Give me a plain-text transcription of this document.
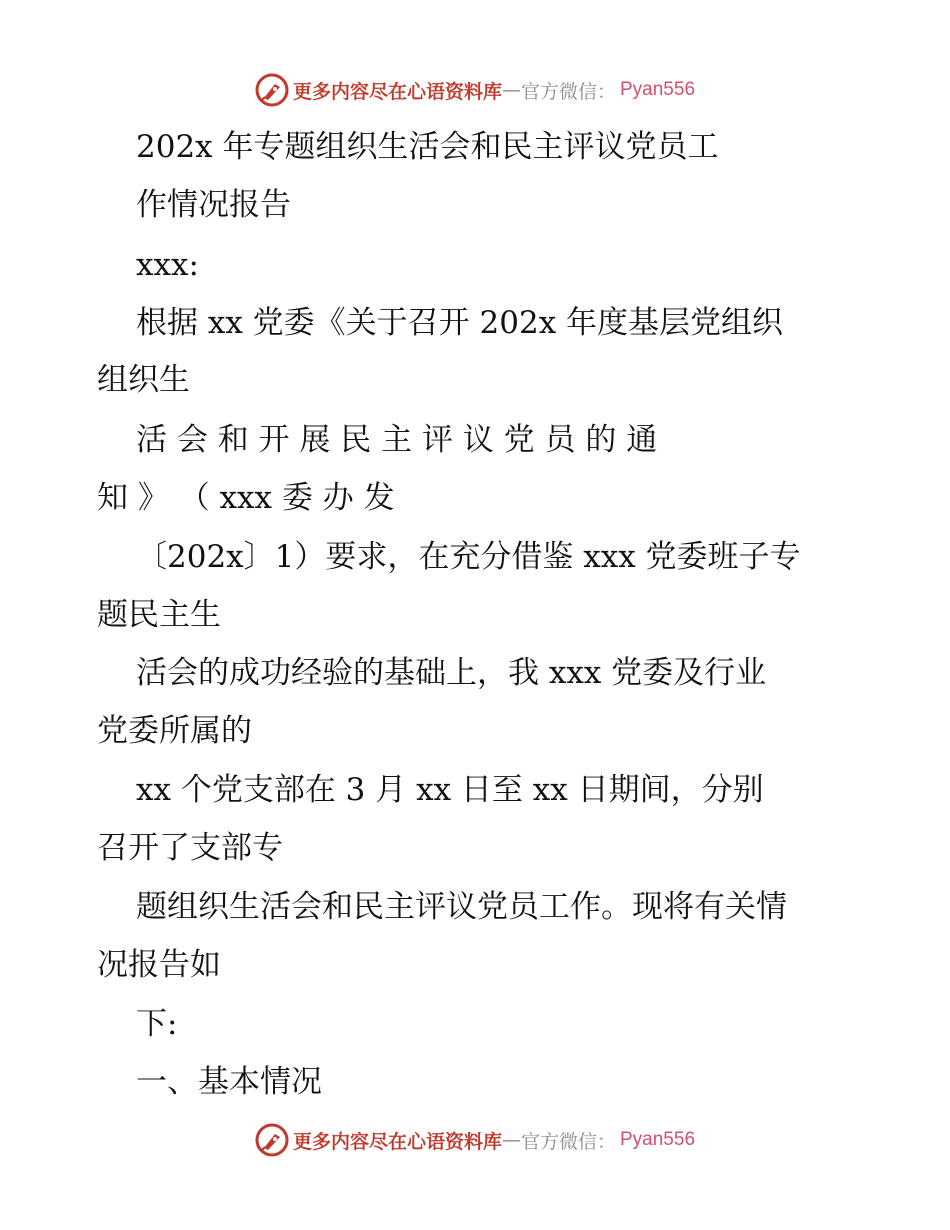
更多内容尽在心语资料库 — 官方微信： Pyan556
202x 年专题组织生活会和民主评议党员工
作情况报告
xxx:
根据 xx 党委《关于召开 202x 年度基层党组织
组织生
活 会 和 开 展 民 主 评 议 党 员 的 通
知 》 （ xxx 委 办 发
〔202x〕1）要求，在充分借鉴 xxx 党委班子专
题民主生
活会的成功经验的基础上，我 xxx 党委及行业
党委所属的
xx 个党支部在 3 月 xx 日至 xx 日期间，分别
召开了支部专
题组织生活会和民主评议党员工作。现将有关情
况报告如
下:
一、基本情况
更多内容尽在心语资料库 — 官方微信： Pyan556
